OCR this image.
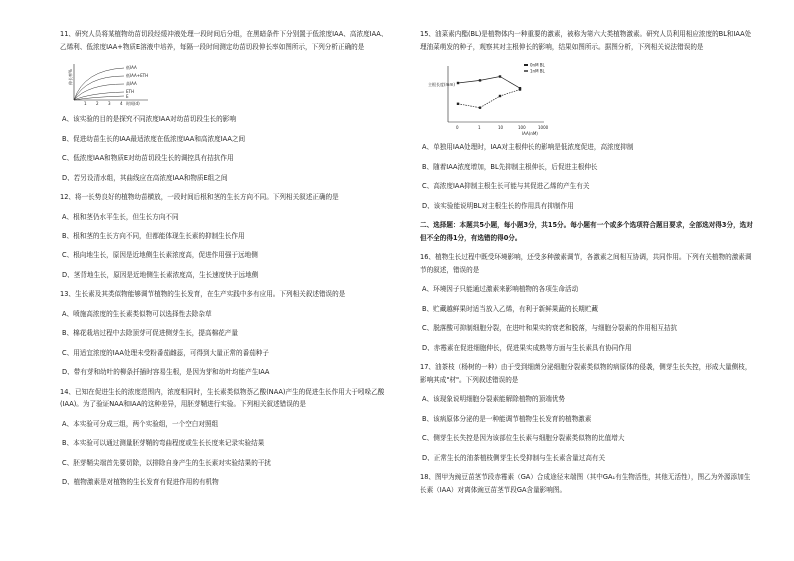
11、研究人员将某植物幼苗切段经缓冲液处理一段时间后分组，在黑暗条件下分别置于低浓度IAA、高浓度IAA、乙烯利、低浓度IAA+物质E溶液中培养，每隔一段时间测定幼苗切段伸长率如图所示，下列分析正确的是
伸长率%
低IAA
低IAA+ETH
高IAA
ETH
E
1 2 3 4 时间(d)
A、该实验的目的是探究不同浓度IAA对幼苗切段生长的影响
B、促进幼苗生长的IAA最适浓度在低浓度IAA和高浓度IAA之间
C、低浓度IAA和物质E对幼苗切段生长的调控具有拮抗作用
D、若另设清水组，其曲线应在高浓度IAA和物质E组之间
12、将一长势良好的植物幼苗横放，一段时间后根和茎的生长方向不同。下列相关叙述正确的是
A、根和茎仍水平生长，但生长方向不同
B、根和茎的生长方向不同，但都能体现生长素的抑制生长作用
C、根向地生长，原因是近地侧生长素浓度高，促进作用强于远地侧
D、茎背地生长，原因是近地侧生长素浓度高，生长速度快于远地侧
13、生长素及其类似物能够调节植物的生长发育，在生产实践中多有应用。下列相关叙述错误的是
A、喷施高浓度的生长素类似物可以选择性去除杂草
B、棉花栽培过程中去除顶芽可促进侧芽生长，提高棉花产量
C、用适宜浓度的IAA处理未受粉番茄雌蕊，可得到大量正常的番茄种子
D、带有芽和幼叶的柳条扦插时容易生根，是因为芽和幼叶均能产生IAA
14、已知在促进生长的浓度范围内，浓度相同时，生长素类似物萘乙酸(NAA)产生的促进生长作用大于吲哚乙酸(IAA)。为了验证NAA和IAA的这种差异，用胚芽鞘进行实验。下列相关叙述错误的是
A、本实验可分成三组，两个实验组，一个空白对照组
B、本实验可以通过测量胚芽鞘的弯曲程度或生长长度来记录实验结果
C、胚芽鞘尖端首先要切除，以排除自身产生的生长素对实验结果的干扰
D、植物激素是对植物的生长发育有促进作用的有机物
15、油菜素内酯(BL)是植物体内一种重要的激素，被称为第六大类植物激素。研究人员利用相应浓度的BL和IAA处理油菜萌发的种子，观察其对主根伸长的影响，结果如图所示。据图分析，下列相关说法错误的是
主根长度(mm)
0	1	10	100	1000
IAA(nM)
0nM BL
1nM BL
A、单独用IAA处理时，IAA对主根伸长的影响是低浓度促进，高浓度抑制
B、随着IAA浓度增加，BL先抑制主根伸长，后促进主根伸长
C、高浓度IAA抑制主根生长可能与其促进乙烯的产生有关
D、该实验能说明BL对主根生长的作用具有抑制作用
二、选择题：本题共5小题，每小题3分，共15分。每小题有一个或多个选项符合题目要求，全部选对得3分，选对但不全的得1分，有选错的得0分。
16、植物生长过程中既受环境影响，还受多种激素调节，各激素之间相互协调，共同作用。下列有关植物的激素调节的叙述，错误的是
A、环境因子只能通过激素来影响植物的各项生命活动
B、贮藏越鲜果时适当放入乙烯，有利于新鲜果蔬的长期贮藏
C、脱落酸可抑制细胞分裂，在进叶和果实的衰老和脱落，与细胞分裂素的作用相互拮抗
D、赤霉素在促进细胞伸长，促进果实成熟等方面与生长素具有协同作用
17、油茶枝（杨树的一种）由于受到细菌分泌细胞分裂素类似物的病原体的侵袭，侧芽生长失控，形成大量侧枝，影响其成"材"。下列叙述错误的是
A、该现象说明细胞分裂素能解除植物的顶端优势
B、该病原体分泌的是一种能调节植物生长发育的植物激素
C、侧芽生长失控是因为该部位生长素与细胞分裂素类似物的比值增大
D、正常生长的油茶植枝侧芽生长受抑制与生长素含量过高有关
18、图甲为豌豆苗茎节段赤霉素（GA）合成途径末端图（其中GA₁有生物活性，其他无活性），图乙为外源添加生长素（IAA）对离体豌豆苗茎节段GA含量影响图。
